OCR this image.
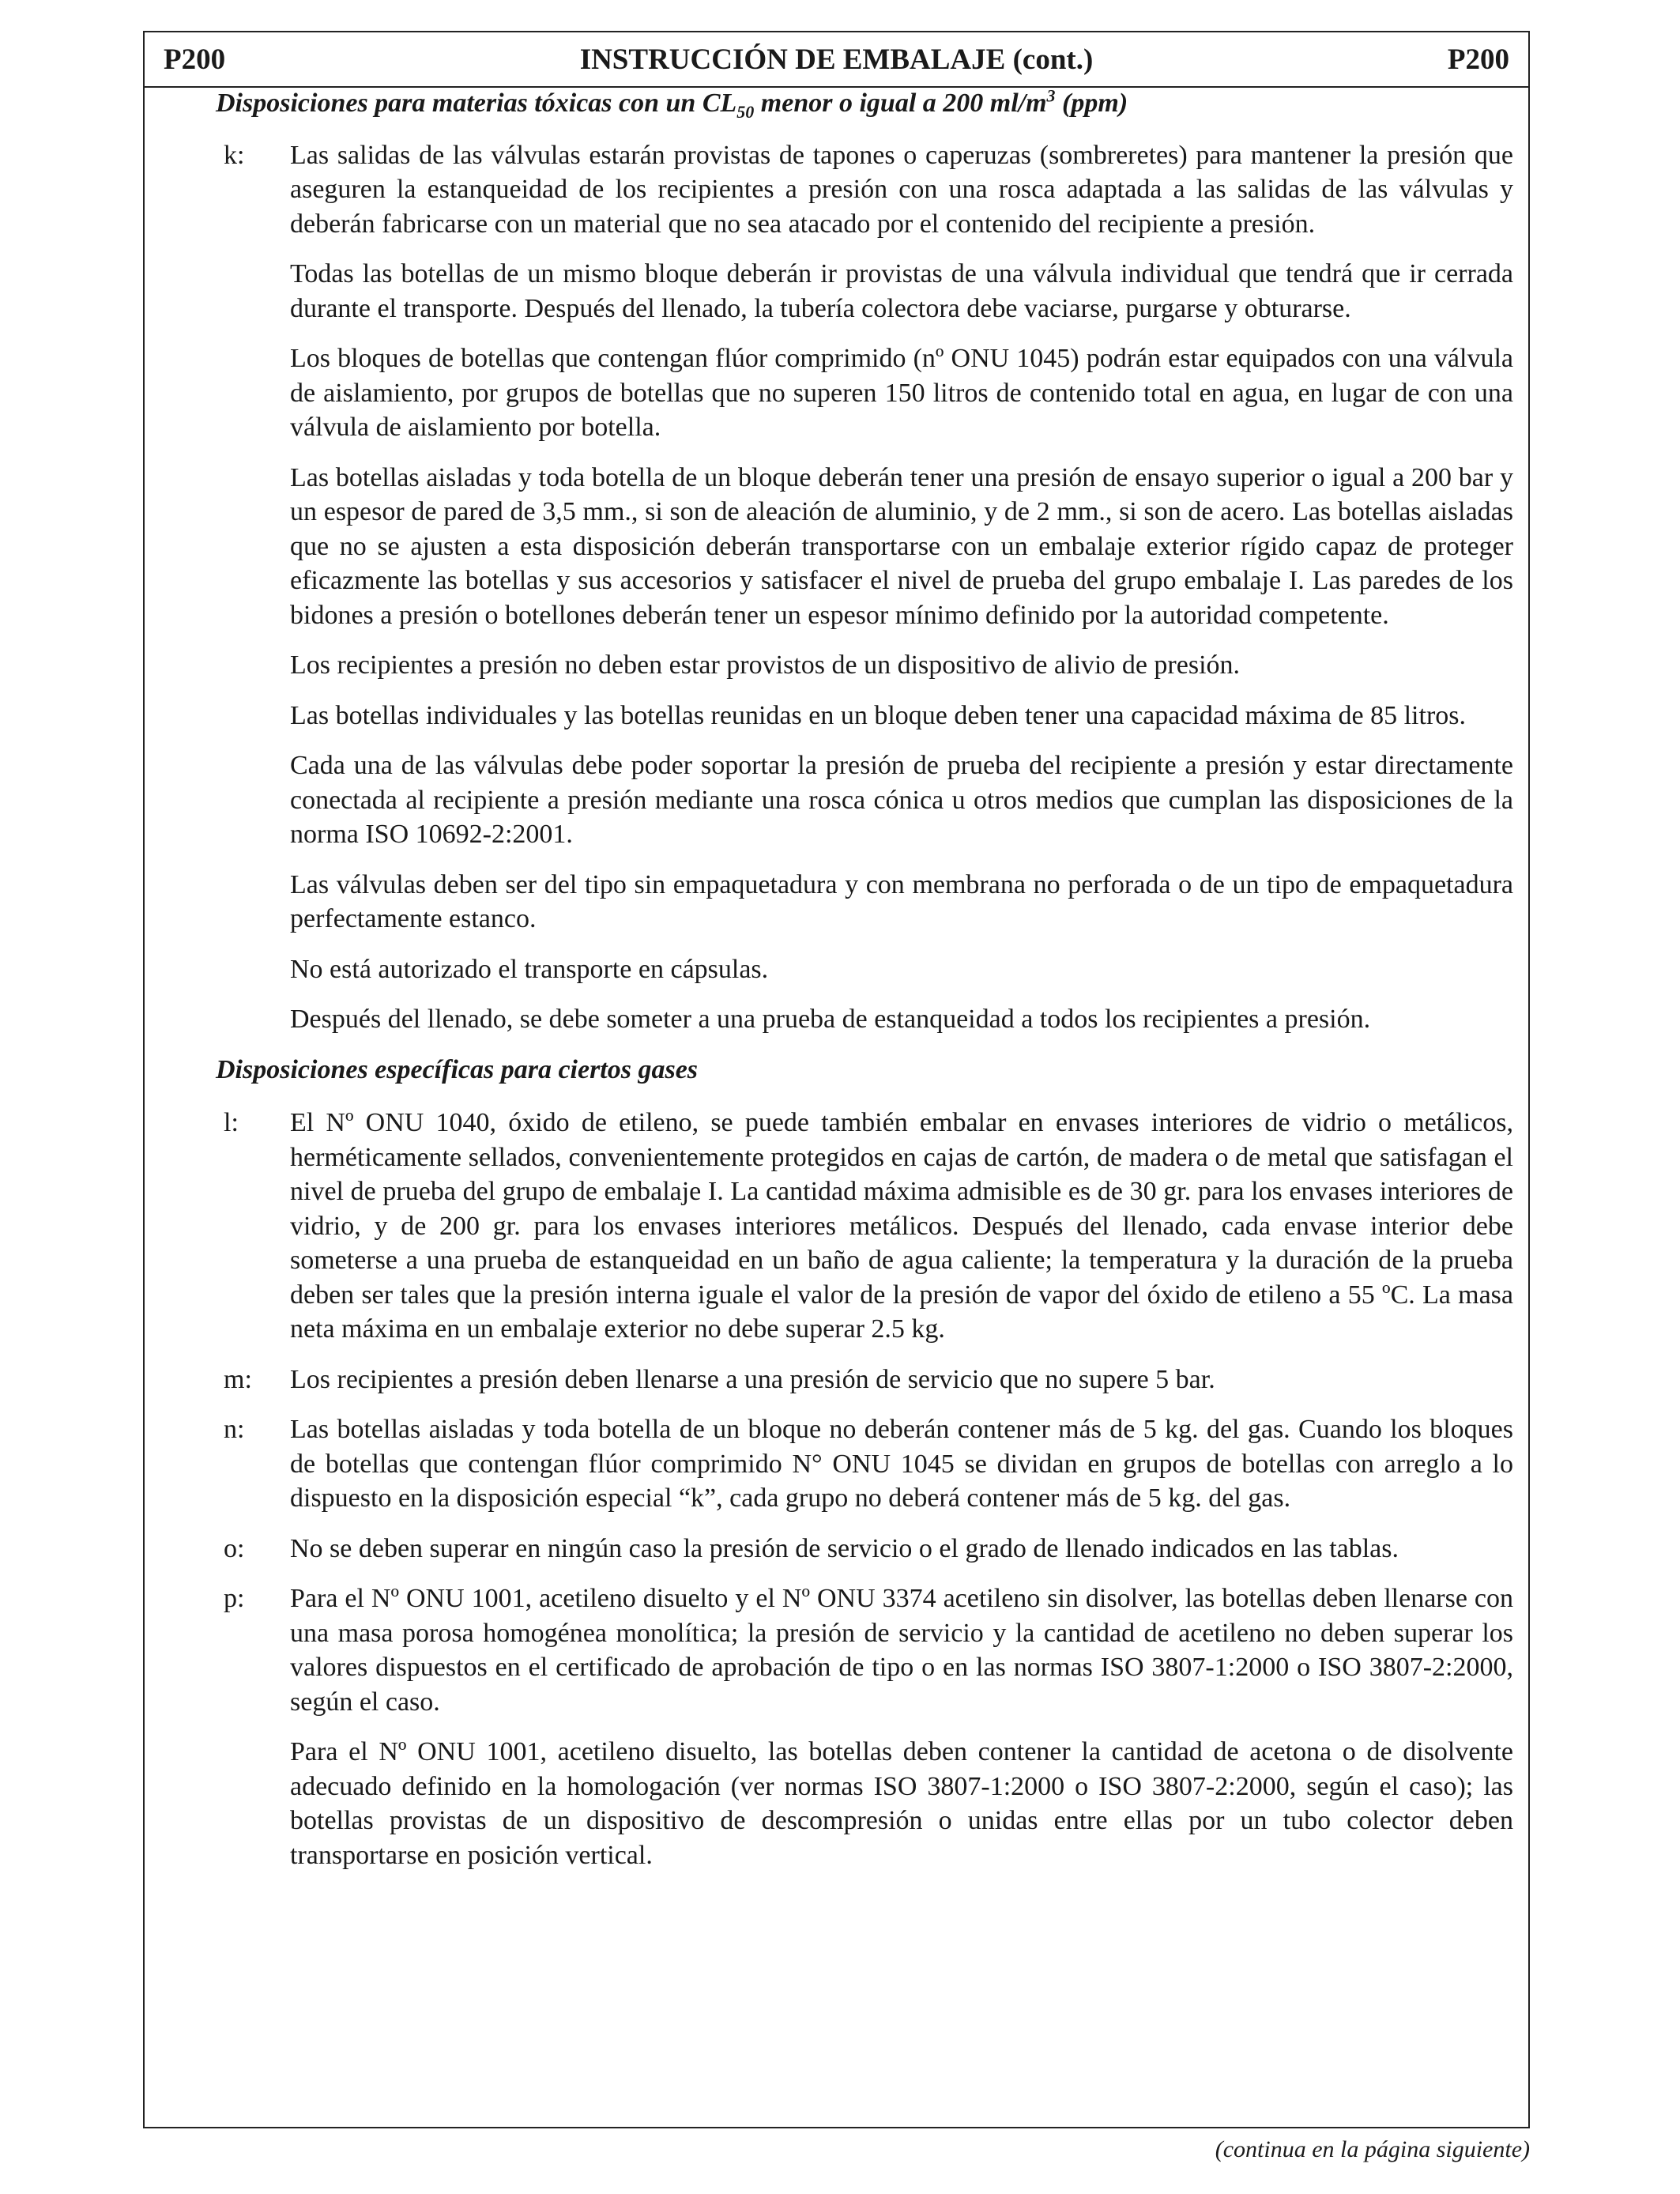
P200	INSTRUCCIÓN DE EMBALAJE (cont.)	P200
Disposiciones para materias tóxicas con un $CL_{50}$ menor o igual a 200 $ml/m^3$ (ppm)
k: Las salidas de las válvulas estarán provistas de tapones o caperuzas (sombreretes) para mantener la presión que aseguren la estanqueidad de los recipientes a presión con una rosca adaptada a las salidas de las válvulas y deberán fabricarse con un material que no sea atacado por el contenido del recipiente a presión.

Todas las botellas de un mismo bloque deberán ir provistas de una válvula individual que tendrá que ir cerrada durante el transporte. Después del llenado, la tubería colectora debe vaciarse, purgarse y obturarse.

Los bloques de botellas que contengan flúor comprimido (nº ONU 1045) podrán estar equipados con una válvula de aislamiento, por grupos de botellas que no superen 150 litros de contenido total en agua, en lugar de con una válvula de aislamiento por botella.

Las botellas aisladas y toda botella de un bloque deberán tener una presión de ensayo superior o igual a 200 bar y un espesor de pared de 3,5 mm., si son de aleación de aluminio, y de 2 mm., si son de acero. Las botellas aisladas que no se ajusten a esta disposición deberán transportarse con un embalaje exterior rígido capaz de proteger eficazmente las botellas y sus accesorios y satisfacer el nivel de prueba del grupo embalaje I. Las paredes de los bidones a presión o botellones deberán tener un espesor mínimo definido por la autoridad competente.

Los recipientes a presión no deben estar provistos de un dispositivo de alivio de presión.

Las botellas individuales y las botellas reunidas en un bloque deben tener una capacidad máxima de 85 litros.

Cada una de las válvulas debe poder soportar la presión de prueba del recipiente a presión y estar directamente conectada al recipiente a presión mediante una rosca cónica u otros medios que cumplan las disposiciones de la norma ISO 10692-2:2001.

Las válvulas deben ser del tipo sin empaquetadura y con membrana no perforada o de un tipo de empaquetadura perfectamente estanco.

No está autorizado el transporte en cápsulas.

Después del llenado, se debe someter a una prueba de estanqueidad a todos los recipientes a presión.

Disposiciones específicas para ciertos gases
l: El Nº ONU 1040, óxido de etileno, se puede también embalar en envases interiores de vidrio o metálicos, herméticamente sellados, convenientemente protegidos en cajas de cartón, de madera o de metal que satisfagan el nivel de prueba del grupo de embalaje I. La cantidad máxima admisible es de 30 gr. para los envases interiores de vidrio, y de 200 gr. para los envases interiores metálicos. Después del llenado, cada envase interior debe someterse a una prueba de estanqueidad en un baño de agua caliente; la temperatura y la duración de la prueba deben ser tales que la presión interna iguale el valor de la presión de vapor del óxido de etileno a 55 ºC. La masa neta máxima en un embalaje exterior no debe superar 2.5 kg.

m: Los recipientes a presión deben llenarse a una presión de servicio que no supere 5 bar.

n: Las botellas aisladas y toda botella de un bloque no deberán contener más de 5 kg. del gas. Cuando los bloques de botellas que contengan flúor comprimido N° ONU 1045 se dividan en grupos de botellas con arreglo a lo dispuesto en la disposición especial “k”, cada grupo no deberá contener más de 5 kg. del gas.

o: No se deben superar en ningún caso la presión de servicio o el grado de llenado indicados en las tablas.

p: Para el Nº ONU 1001, acetileno disuelto y el Nº ONU 3374 acetileno sin disolver, las botellas deben llenarse con una masa porosa homogénea monolítica; la presión de servicio y la cantidad de acetileno no deben superar los valores dispuestos en el certificado de aprobación de tipo o en las normas ISO 3807-1:2000 o ISO 3807-2:2000, según el caso.

Para el Nº ONU 1001, acetileno disuelto, las botellas deben contener la cantidad de acetona o de disolvente adecuado definido en la homologación (ver normas ISO 3807-1:2000 o ISO 3807-2:2000, según el caso); las botellas provistas de un dispositivo de descompresión o unidas entre ellas por un tubo colector deben transportarse en posición vertical.

(continua en la página siguiente)
